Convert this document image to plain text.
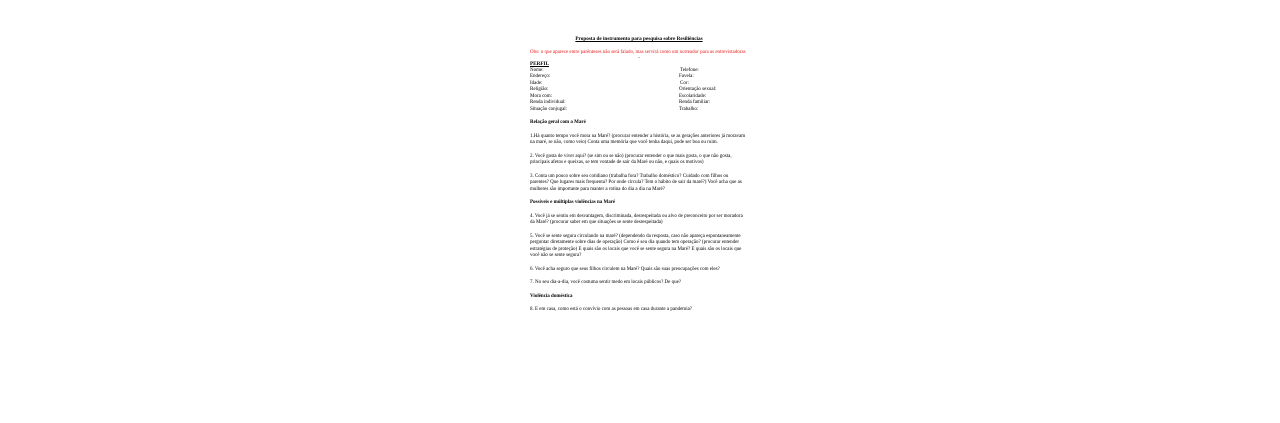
Proposta de instrumento para pesquisa sobre Resiliências
Obs: o que aparece entre parênteses não será falado, mas servirá como um norteador para as entrevistadoras
-
PERFIL
Nome:	Telefone:
Endereço:	Favela:
Idade:	Cor:
Religião:	Orientação sexual:
Mora com:	Escolaridade:
Renda individual:	Renda familiar:
Situação conjugal:	Trabalho:
Relação geral com a Maré
1.Há quanto tempo você mora na Maré? (procurar entender a história, se as gerações anteriores já moravam na maré, se não, como veio) Conta uma memória que você tenha daqui, pode ser boa ou ruim.
2. Você gosta de viver aqui? (se sim ou se não) (procurar entender o que mais gosta, o que não gosta, principais afetos e queixas, se tem vontade de sair da Maré ou não, e quais os motivos)
3. Conta um pouco sobre seu cotidiano (trabalha fora? Trabalho doméstico? Cuidado com filhos ou parentes? Que lugares mais frequenta? Por onde circula? Tem o hábito de sair da maré?) Você acha que as mulheres são importante para manter a rotina do dia a dia na Maré?
Possíveis e múltiplas violências na Maré
4. Você já se sentiu em desvantagem, discriminada, desrespeitada ou alvo de preconceito por ser moradora da Maré? (procurar saber em que situações se sente desrespeitada)
5. Você se sente segura circulando na maré? (dependendo da resposta, caso não apareça espontaneamente perguntar diretamente sobre dias de operação) Como é seu dia quando tem operação? (procurar entender estratégias de proteção) E quais são os locais que você se sente segura na Maré? E quais são os locais que você não se sente segura?
6. Você acha seguro que seus filhos circulem na Maré? Quais são suas preocupações com eles?
7. No seu dia-a-dia, você costuma sentir medo em locais públicos? De que?
Violência doméstica
8. E em casa, como está o convívio com as pessoas em casa durante a pandemia?
